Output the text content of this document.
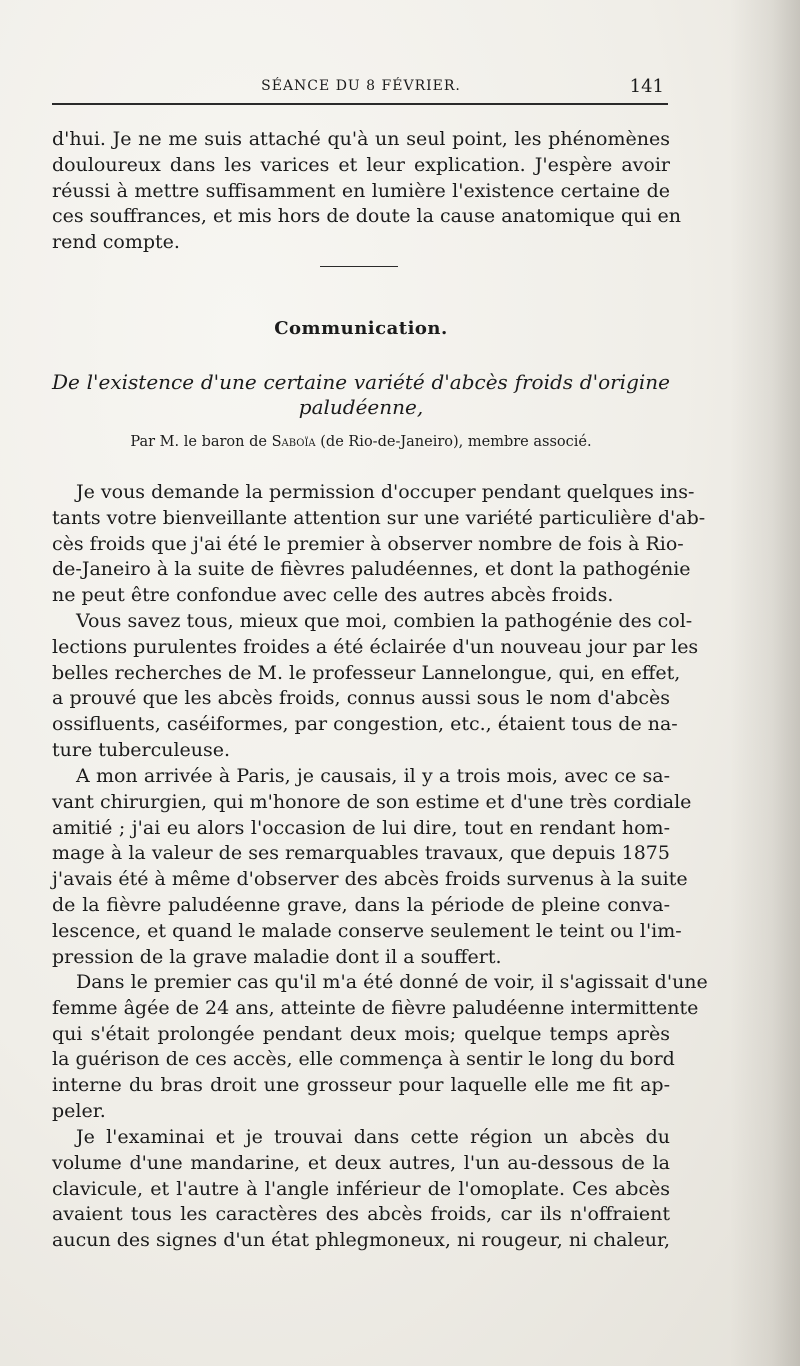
SÉANCE DU 8 FÉVRIER.	141
d'hui. Je ne me suis attaché qu'à un seul point, les phénomènes
douloureux dans les varices et leur explication. J'espère avoir
réussi à mettre suffisamment en lumière l'existence certaine de
ces souffrances, et mis hors de doute la cause anatomique qui en
rend compte.
Communication.
De l'existence d'une certaine variété d'abcès froids d'origine
paludéenne,
Par M. le baron de Saboïa (de Rio-de-Janeiro), membre associé.
Je vous demande la permission d'occuper pendant quelques ins-
tants votre bienveillante attention sur une variété particulière d'ab-
cès froids que j'ai été le premier à observer nombre de fois à Rio-
de-Janeiro à la suite de fièvres paludéennes, et dont la pathogénie
ne peut être confondue avec celle des autres abcès froids.
Vous savez tous, mieux que moi, combien la pathogénie des col-
lections purulentes froides a été éclairée d'un nouveau jour par les
belles recherches de M. le professeur Lannelongue, qui, en effet,
a prouvé que les abcès froids, connus aussi sous le nom d'abcès
ossifluents, caséiformes, par congestion, etc., étaient tous de na-
ture tuberculeuse.
A mon arrivée à Paris, je causais, il y a trois mois, avec ce sa-
vant chirurgien, qui m'honore de son estime et d'une très cordiale
amitié ; j'ai eu alors l'occasion de lui dire, tout en rendant hom-
mage à la valeur de ses remarquables travaux, que depuis 1875
j'avais été à même d'observer des abcès froids survenus à la suite
de la fièvre paludéenne grave, dans la période de pleine conva-
lescence, et quand le malade conserve seulement le teint ou l'im-
pression de la grave maladie dont il a souffert.
Dans le premier cas qu'il m'a été donné de voir, il s'agissait d'une
femme âgée de 24 ans, atteinte de fièvre paludéenne intermittente
qui s'était prolongée pendant deux mois; quelque temps après
la guérison de ces accès, elle commença à sentir le long du bord
interne du bras droit une grosseur pour laquelle elle me fit ap-
peler.
Je l'examinai et je trouvai dans cette région un abcès du
volume d'une mandarine, et deux autres, l'un au-dessous de la
clavicule, et l'autre à l'angle inférieur de l'omoplate. Ces abcès
avaient tous les caractères des abcès froids, car ils n'offraient
aucun des signes d'un état phlegmoneux, ni rougeur, ni chaleur,
